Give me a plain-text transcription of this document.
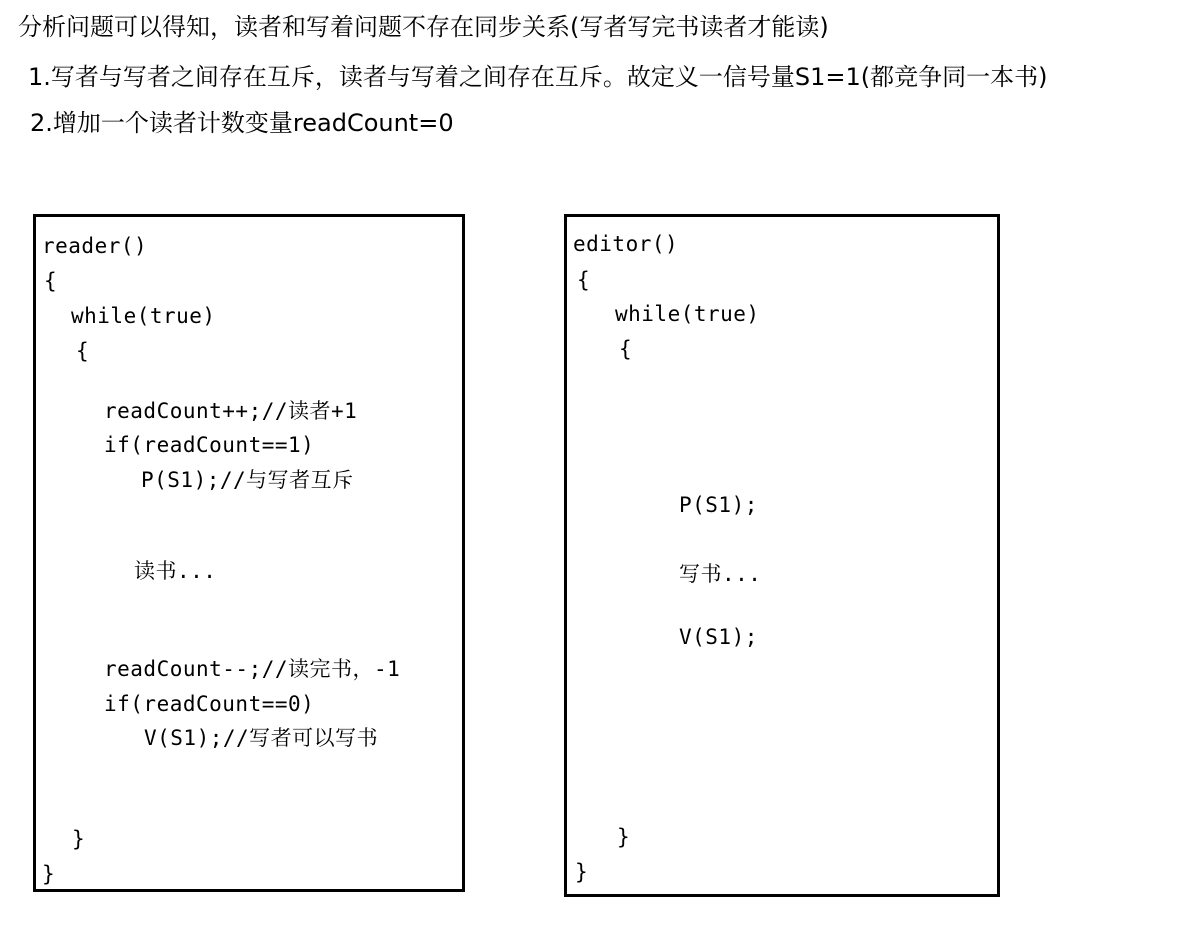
分析问题可以得知，读者和写着问题不存在同步关系(写者写完书读者才能读)
1.写者与写者之间存在互斥，读者与写着之间存在互斥。故定义一信号量S1=1(都竞争同一本书)
2.增加一个读者计数变量readCount=0
reader()
{
while(true)
{
readCount++;//读者+1
if(readCount==1)
P(S1);//与写者互斥
读书...
readCount--;//读完书，-1
if(readCount==0)
V(S1);//写者可以写书
}
}
editor()
{
while(true)
{
P(S1);
写书...
V(S1);
}
}
